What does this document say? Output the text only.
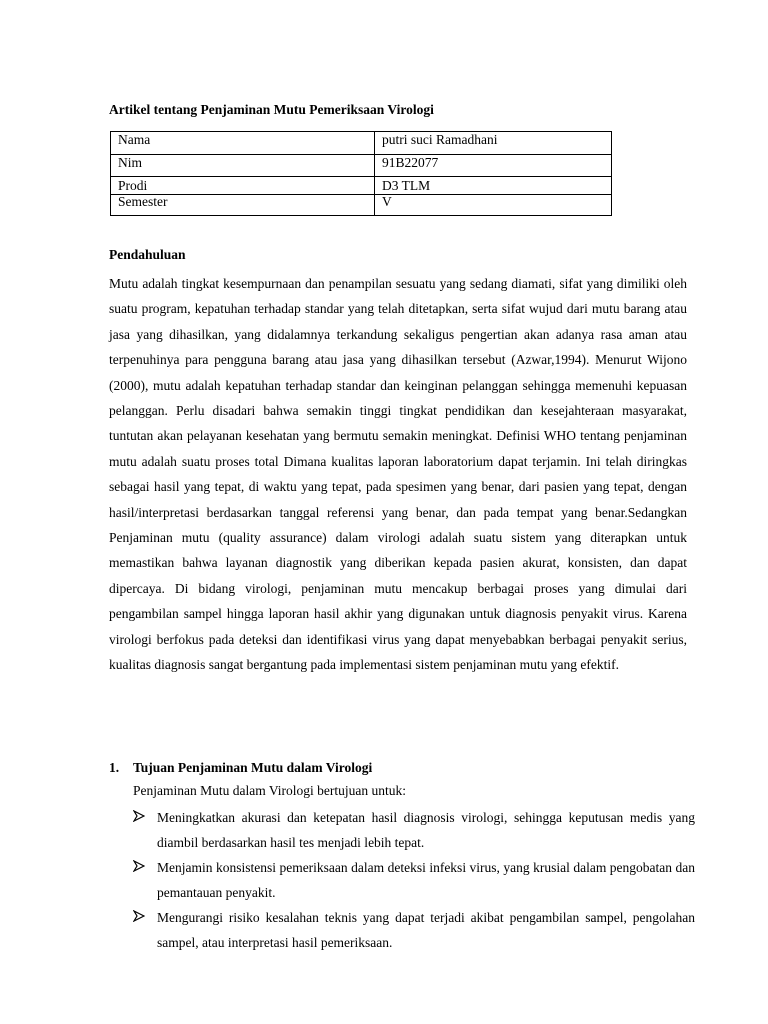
Artikel tentang Penjaminan Mutu Pemeriksaan Virologi
Nama	putri suci Ramadhani
Nim	91B22077
Prodi	D3 TLM
Semester	V
Pendahuluan
Mutu adalah tingkat kesempurnaan dan penampilan sesuatu yang sedang diamati, sifat yang dimiliki oleh suatu program, kepatuhan terhadap standar yang telah ditetapkan, serta sifat wujud dari mutu barang atau jasa yang dihasilkan, yang didalamnya terkandung sekaligus pengertian akan adanya rasa aman atau terpenuhinya para pengguna barang atau jasa yang dihasilkan tersebut (Azwar,1994). Menurut Wijono (2000), mutu adalah kepatuhan terhadap standar dan keinginan pelanggan sehingga memenuhi kepuasan pelanggan. Perlu disadari bahwa semakin tinggi tingkat pendidikan dan kesejahteraan masyarakat, tuntutan akan pelayanan kesehatan yang bermutu semakin meningkat. Definisi WHO tentang penjaminan mutu adalah suatu proses total Dimana kualitas laporan laboratorium dapat terjamin. Ini telah diringkas sebagai hasil yang tepat, di waktu yang tepat, pada spesimen yang benar, dari pasien yang tepat, dengan hasil/interpretasi berdasarkan tanggal referensi yang benar, dan pada tempat yang benar.Sedangkan Penjaminan mutu (quality assurance) dalam virologi adalah suatu sistem yang diterapkan untuk memastikan bahwa layanan diagnostik yang diberikan kepada pasien akurat, konsisten, dan dapat dipercaya. Di bidang virologi, penjaminan mutu mencakup berbagai proses yang dimulai dari pengambilan sampel hingga laporan hasil akhir yang digunakan untuk diagnosis penyakit virus. Karena virologi berfokus pada deteksi dan identifikasi virus yang dapat menyebabkan berbagai penyakit serius, kualitas diagnosis sangat bergantung pada implementasi sistem penjaminan mutu yang efektif.
1. Tujuan Penjaminan Mutu dalam Virologi
Penjaminan Mutu dalam Virologi bertujuan untuk:
Meningkatkan akurasi dan ketepatan hasil diagnosis virologi, sehingga keputusan medis yang diambil berdasarkan hasil tes menjadi lebih tepat.
Menjamin konsistensi pemeriksaan dalam deteksi infeksi virus, yang krusial dalam pengobatan dan pemantauan penyakit.
Mengurangi risiko kesalahan teknis yang dapat terjadi akibat pengambilan sampel, pengolahan sampel, atau interpretasi hasil pemeriksaan.
